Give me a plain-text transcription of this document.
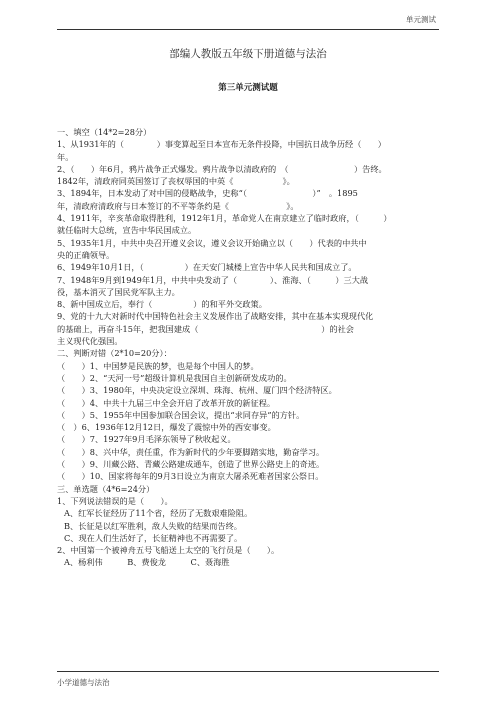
单元测试
部编人教版五年级下册道德与法治
第三单元测试题

一、填空（14*2=28分）

1、从1931年的（　　　　）事变算起至日本宣布无条件投降，中国抗日战争历经（　　）

年。

2、（　　）年6月，鸦片战争正式爆发。鸦片战争以清政府的　（　　　　　　　　）告终。

1842年，清政府同英国签订了丧权辱国的中英《　　　　　　》。

3、1894年，日本发动了对中国的侵略战争，史称“（　　　　　　　　）”　。1895

年，清政府清政府与日本签订的不平等条约是《　　　　　　　》。

4、1911年，辛亥革命取得胜利，1912年1月，革命党人在南京建立了临时政府，（　　　）

就任临时大总统，宣告中华民国成立。

5、1935年1月，中共中央召开遵义会议，遵义会议开始确立以（　　）代表的中共中

央的正确领导。

6、1949年10月1日，（　　　　　）在天安门城楼上宣告中华人民共和国成立了。

7、1948年9月到1949年1月，中共中央发动了（　　　　）、淮海、（　　　）三大战

役，基本消灭了国民党军队主力。

8、新中国成立后，奉行（　　　　　）的和平外交政策。

9、党的十九大对新时代中国特色社会主义发展作出了战略安排，其中在基本实现现代化

的基础上，再奋斗15年，把我国建成（　　　　　　　　　　　　　　　）的社会

主义现代化强国。

二、判断对错（2*10=20分）：

（　　）1、中国梦是民族的梦，也是每个中国人的梦。

（　　）2、“天河一号”超级计算机是我国自主创新研发成功的。

（　　）3、1980年，中央决定设立深圳、珠海、杭州、厦门四个经济特区。

（　　）4、中共十九届三中全会开启了改革开放的新征程。

（　　）5、1955年中国参加联合国会议，提出“求同存异”的方针。

（　）6、1936年12月12日，爆发了震惊中外的西安事变。

（　　）7、1927年9月毛泽东领导了秋收起义。

（　　）8、兴中华，责任重，作为新时代的少年要脚踏实地，勤奋学习。

（　　）9、川藏公路、青藏公路建成通车，创造了世界公路史上的奇迹。

（　　）10、国家将每年的9月3日设立为南京大屠杀死难者国家公祭日。

三、单选题（4*6=24分）

1、下列说法错误的是（　　）。

A、红军长征经历了11个省，经历了无数艰难险阻。

B、长征是以红军胜利，敌人失败的结果而告终。

C、现在人们生活好了，长征精神也不再需要了。

2、中国第一个被神舟五号飞船送上太空的飞行员是（　　）。

A、杨利伟　　　B、费俊龙　　　C、聂海胜

小学道德与法治
